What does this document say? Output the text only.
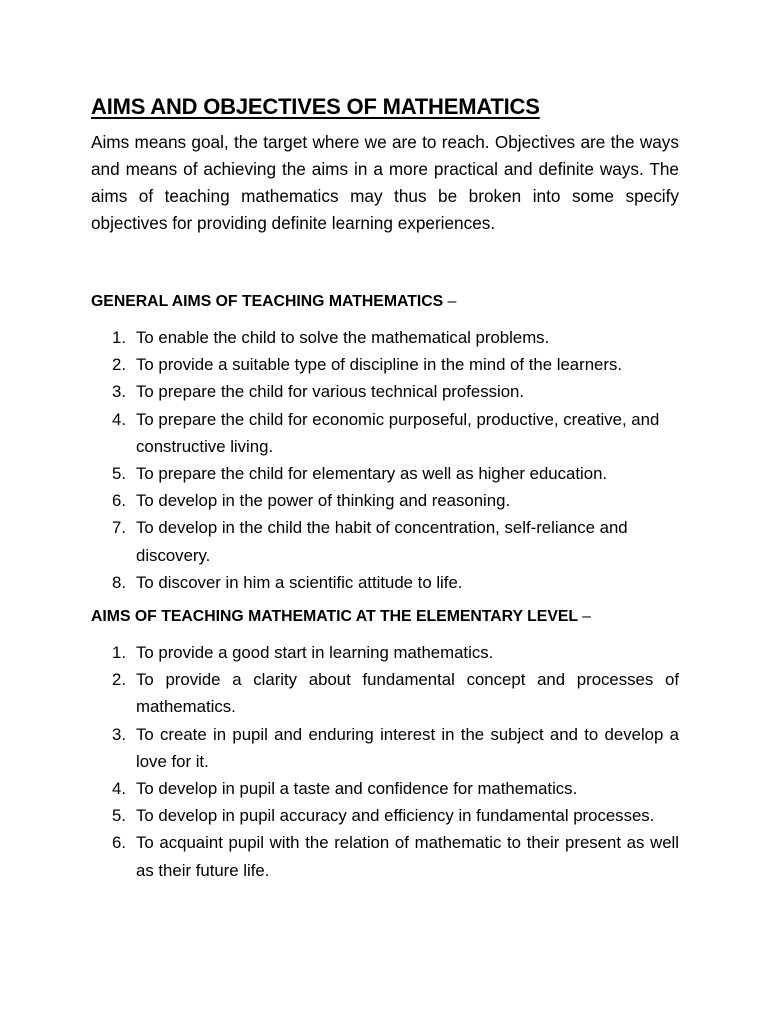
AIMS AND OBJECTIVES OF MATHEMATICS

Aims means goal, the target where we are to reach. Objectives are the ways and means of achieving the aims in a more practical and definite ways. The aims of teaching mathematics may thus be broken into some specify objectives for providing definite learning experiences.

GENERAL AIMS OF TEACHING MATHEMATICS –
1. To enable the child to solve the mathematical problems.
2. To provide a suitable type of discipline in the mind of the learners.
3. To prepare the child for various technical profession.
4. To prepare the child for economic purposeful, productive, creative, and constructive living.
5. To prepare the child for elementary as well as higher education.
6. To develop in the power of thinking and reasoning.
7. To develop in the child the habit of concentration, self-reliance and discovery.
8. To discover in him a scientific attitude to life.
AIMS OF TEACHING MATHEMATIC AT THE ELEMENTARY LEVEL –
1. To provide a good start in learning mathematics.
2. To provide a clarity about fundamental concept and processes of mathematics.
3. To create in pupil and enduring interest in the subject and to develop a love for it.
4. To develop in pupil a taste and confidence for mathematics.
5. To develop in pupil accuracy and efficiency in fundamental processes.
6. To acquaint pupil with the relation of mathematic to their present as well as their future life.
